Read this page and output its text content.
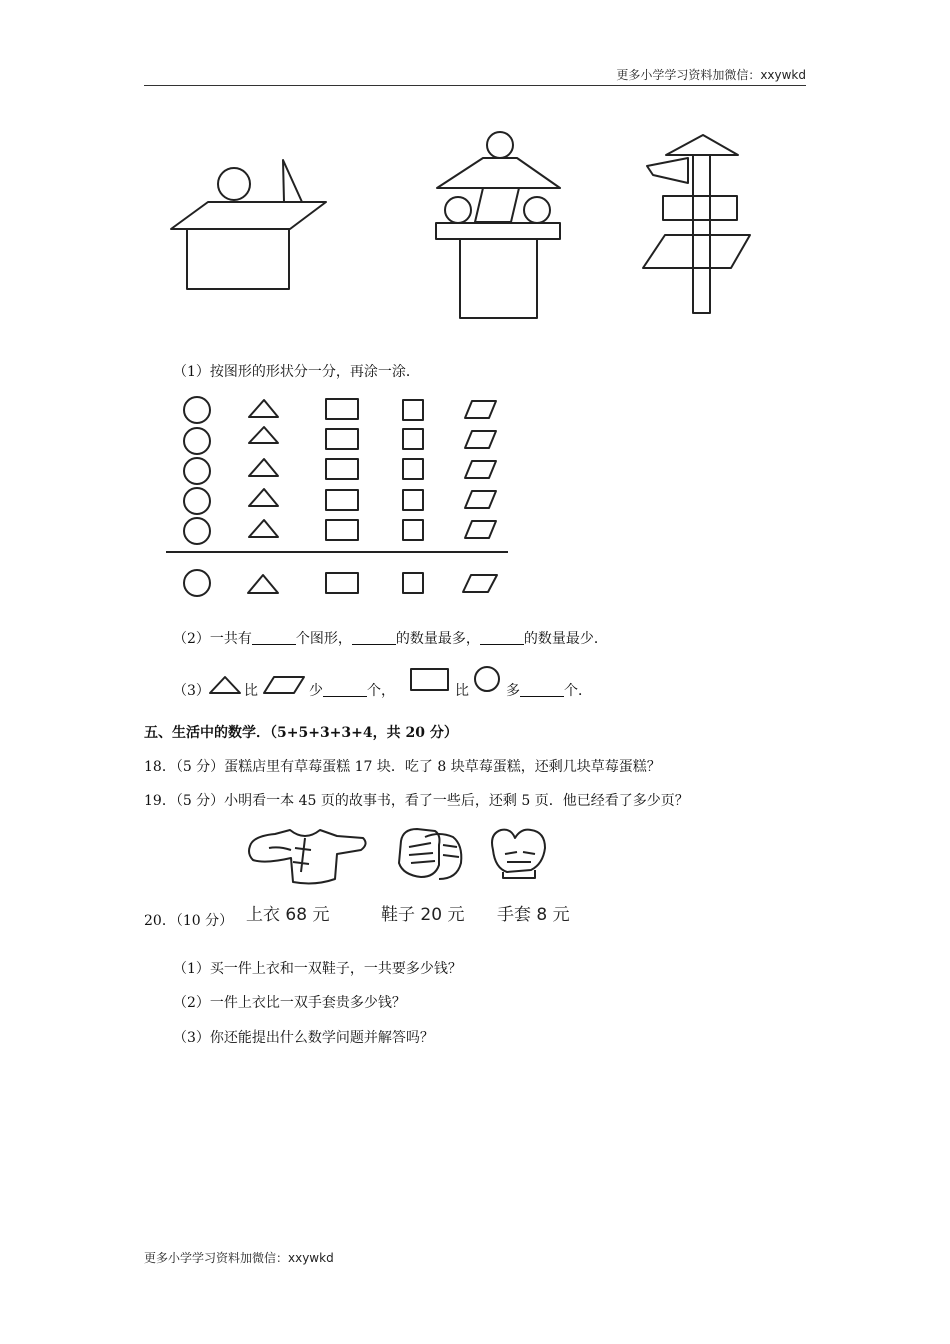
更多小学学习资料加微信：xxywkd
（1）按图形的形状分一分，再涂一涂．
（2）一共有	个图形，	的数量最多，	的数量最少．
（3） 比	少	个，	比	多	个．
五、生活中的数学．（5+5+3+3+4，共 20 分）
18．（5 分）蛋糕店里有草莓蛋糕 17 块．吃了 8 块草莓蛋糕，还剩几块草莓蛋糕？
19．（5 分）小明看一本 45 页的故事书，看了一些后，还剩 5 页．他已经看了多少页？
20．（10 分） 上衣 68 元	鞋子 20 元 手套 8 元
（1）买一件上衣和一双鞋子，一共要多少钱？
（2）一件上衣比一双手套贵多少钱？
（3）你还能提出什么数学问题并解答吗？
更多小学学习资料加微信：xxywkd
